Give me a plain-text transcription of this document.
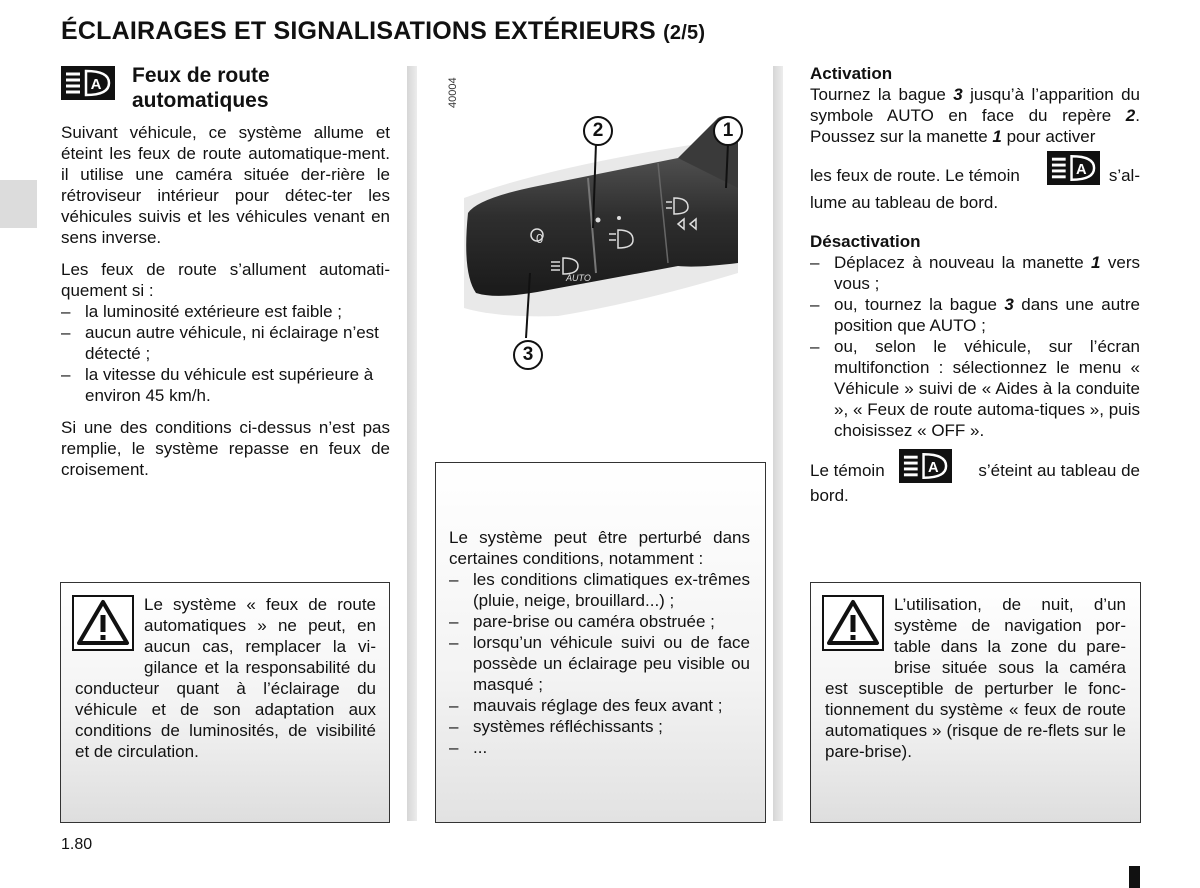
ÉCLAIRAGES ET SIGNALISATIONS EXTÉRIEURS (2/5)
A Feux de route
automatiques

Suivant véhicule, ce système allume et éteint les feux de route automatique-ment. il utilise une caméra située der-rière le rétroviseur intérieur pour détec-ter les véhicules suivis et les véhicules venant en sens inverse.

Les feux de route s’allument automati-quement si :

– la luminosité extérieure est faible ;
– aucun autre véhicule, ni éclairage n’est détecté ;
– la vitesse du véhicule est supérieure à environ 45 km/h.

Si une des conditions ci-dessus n’est pas remplie, le système repasse en feux de croisement.

Le système « feux de route automatiques » ne peut, en aucun cas, remplacer la vi-gilance et la responsabilité du conducteur quant à l’éclairage du véhicule et de son adaptation aux conditions de luminosités, de visibilité et de circulation.
0
AUTO
40004
2	1
3

Le système peut être perturbé dans certaines conditions, notamment :

– les conditions climatiques ex-trêmes (pluie, neige, brouillard...) ;
– pare-brise ou caméra obstruée ;
– lorsqu’un véhicule suivi ou de face possède un éclairage peu visible ou masqué ;
– mauvais réglage des feux avant ;
– systèmes réfléchissants ;
– ...

Activation

Tournez la bague 3 jusqu’à l’apparition du symbole AUTO en face du repère 2. Poussez sur la manette 1 pour activer

les feux de route. Le témoin	A s’al-

lume au tableau de bord.

Désactivation

– Déplacez à nouveau la manette 1 vers vous ;
– ou, tournez la bague 3 dans une autre position que AUTO ;
– ou, selon le véhicule, sur l’écran multifonction : sélectionnez le menu « Véhicule » suivi de « Aides à la conduite », « Feux de route automa-tiques », puis choisissez « OFF ».
Le témoin	A s’éteint au tableau de

bord.

L’utilisation, de nuit, d’un système de navigation por-table dans la zone du pare-brise située sous la caméra est susceptible de perturber le fonc-tionnement du système « feux de route automatiques » (risque de re-flets sur le pare-brise).
1.80
